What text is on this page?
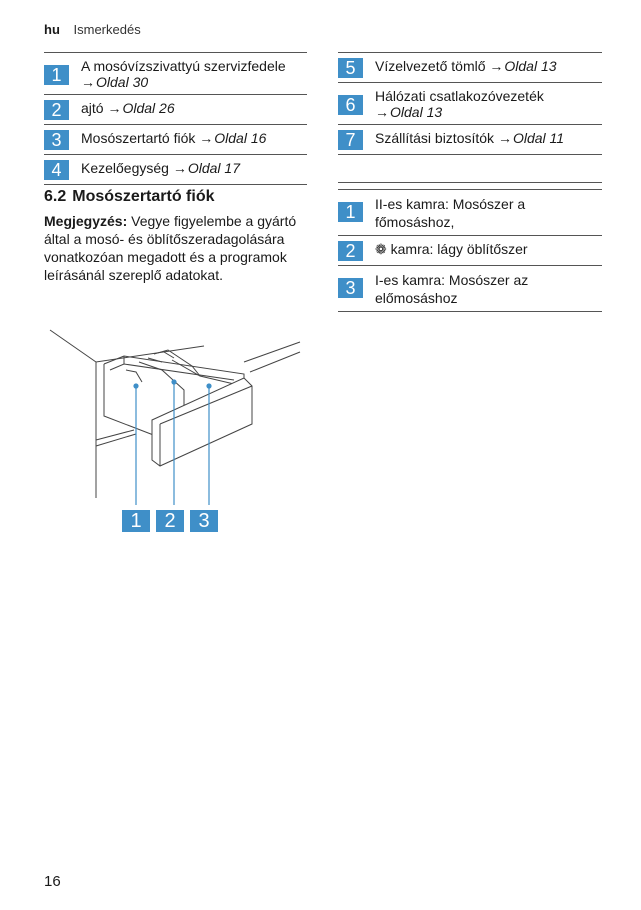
hu Ismerkedés
1	A mosóvízszivattyú szervizfedele
→Oldal 30
2	ajtó →Oldal 26
3	Mosószertartó fiók →Oldal 16
4	Kezelőegység →Oldal 17
5	Vízelvezető tömlő →Oldal 13
6	Hálózati csatlakozóvezeték
→Oldal 13
7	Szállítási biztosítók →Oldal 11
6.2 Mosószertartó fiók
Megjegyzés: Vegye figyelembe a gyártó által a mosó- és öblítőszeradagolására vonatkozóan megadott és a programok leírásánál szereplő adatokat.
1	II-es kamra: Mosószer a főmosáshoz,
2	❁ kamra: lágy öblítőszer
3	I-es kamra: Mosószer az előmosáshoz
1	2	3
16
